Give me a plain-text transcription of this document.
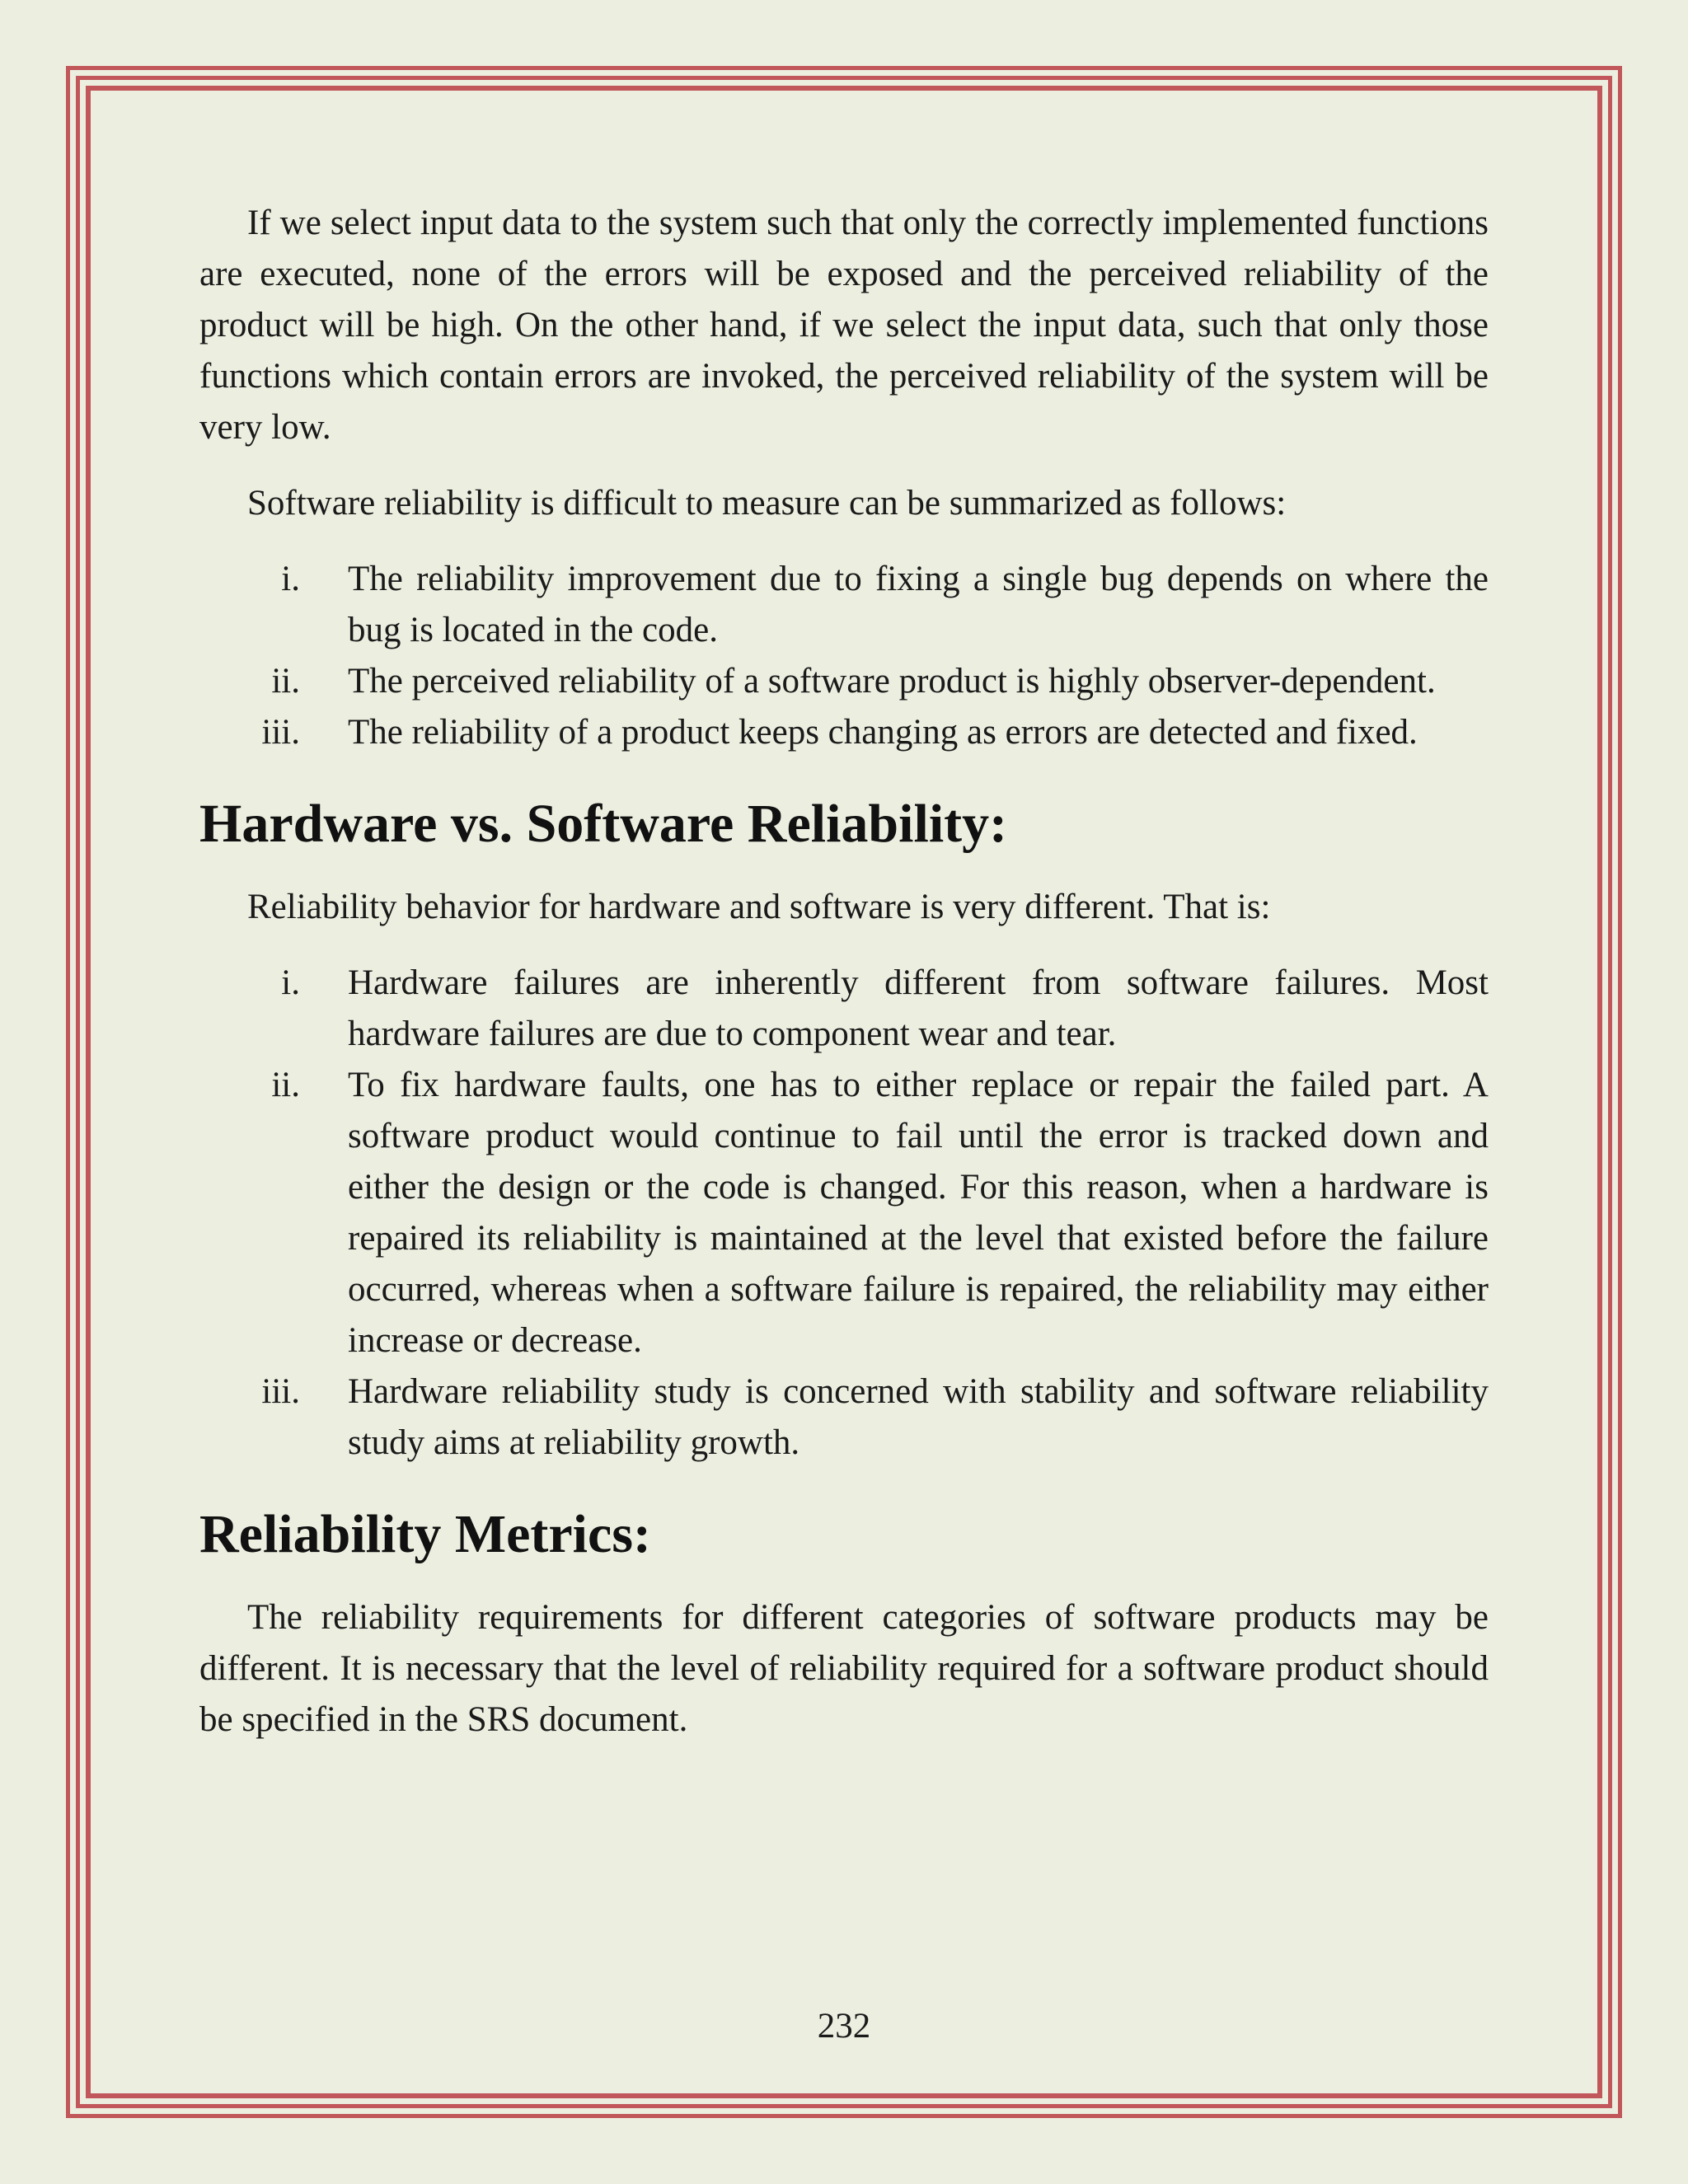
If we select input data to the system such that only the correctly implemented functions are executed, none of the errors will be exposed and the perceived reliability of the product will be high. On the other hand, if we select the input data, such that only those functions which contain errors are invoked, the perceived reliability of the system will be very low.

Software reliability is difficult to measure can be summarized as follows:

i. The reliability improvement due to fixing a single bug depends on where the bug is located in the code.
ii. The perceived reliability of a software product is highly observer-dependent.
iii. The reliability of a product keeps changing as errors are detected and fixed.
Hardware vs. Software Reliability:

Reliability behavior for hardware and software is very different. That is:

i. Hardware failures are inherently different from software failures. Most hardware failures are due to component wear and tear.
ii. To fix hardware faults, one has to either replace or repair the failed part. A software product would continue to fail until the error is tracked down and either the design or the code is changed. For this reason, when a hardware is repaired its reliability is maintained at the level that existed before the failure occurred, whereas when a software failure is repaired, the reliability may either increase or decrease.
iii. Hardware reliability study is concerned with stability and software reliability study aims at reliability growth.
Reliability Metrics:

The reliability requirements for different categories of software products may be different. It is necessary that the level of reliability required for a software product should be specified in the SRS document.

232
